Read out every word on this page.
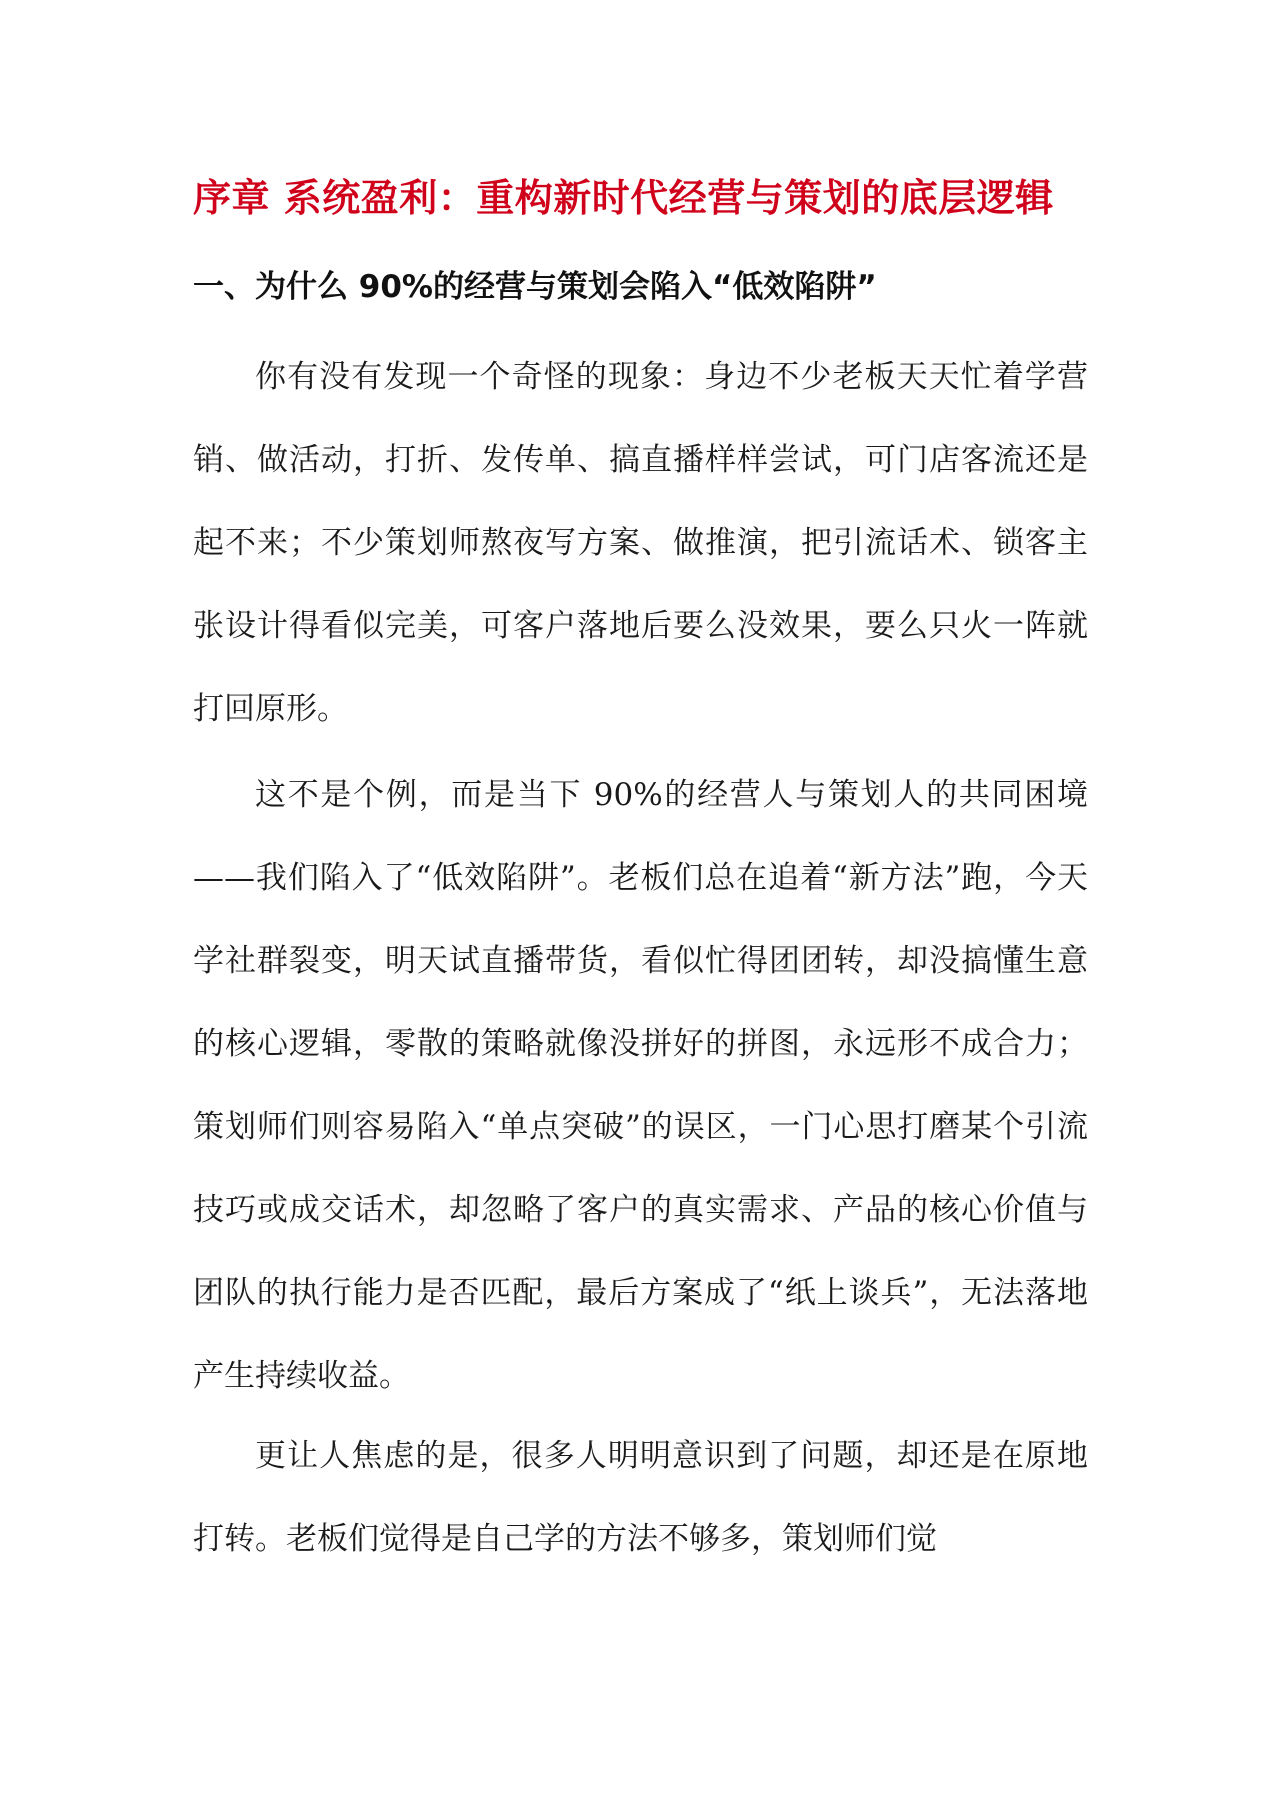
序章 系统盈利：重构新时代经营与策划的底层逻辑
一、为什么 90%的经营与策划会陷入“低效陷阱”

你有没有发现一个奇怪的现象：身边不少老板天天忙着学营销、做活动，打折、发传单、搞直播样样尝试，可门店客流还是起不来；不少策划师熬夜写方案、做推演，把引流话术、锁客主张设计得看似完美，可客户落地后要么没效果，要么只火一阵就打回原形。

这不是个例，而是当下 90%的经营人与策划人的共同困境——我们陷入了“低效陷阱”。老板们总在追着“新方法”跑，今天学社群裂变，明天试直播带货，看似忙得团团转，却没搞懂生意的核心逻辑，零散的策略就像没拼好的拼图，永远形不成合力；策划师们则容易陷入“单点突破”的误区，一门心思打磨某个引流技巧或成交话术，却忽略了客户的真实需求、产品的核心价值与团队的执行能力是否匹配，最后方案成了“纸上谈兵”，无法落地产生持续收益。

更让人焦虑的是，很多人明明意识到了问题，却还是在原地打转。老板们觉得是自己学的方法不够多，策划师们觉
